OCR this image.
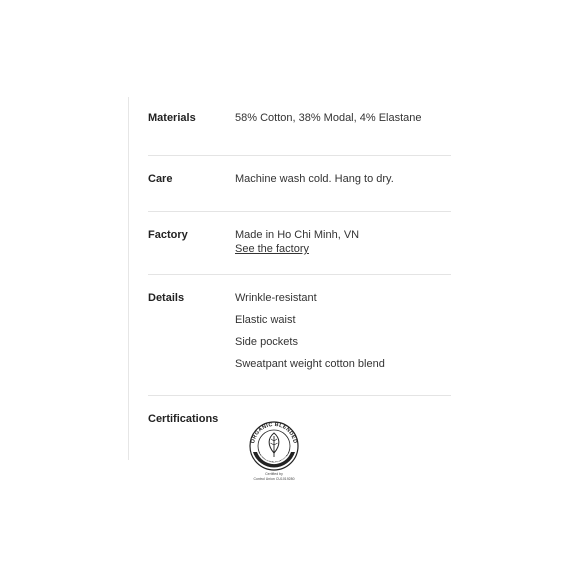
Materials	58% Cotton, 38% Modal, 4% Elastane
Care	Machine wash cold. Hang to dry.
Factory	Made in Ho Chi Minh, VN
See the factory
Details	Wrinkle-resistant
Elastic waist
Side pockets
Sweatpant weight cotton blend
Certifications
ORGANIC BLENDED
content standard
Certified by
Control Union CU1019280
